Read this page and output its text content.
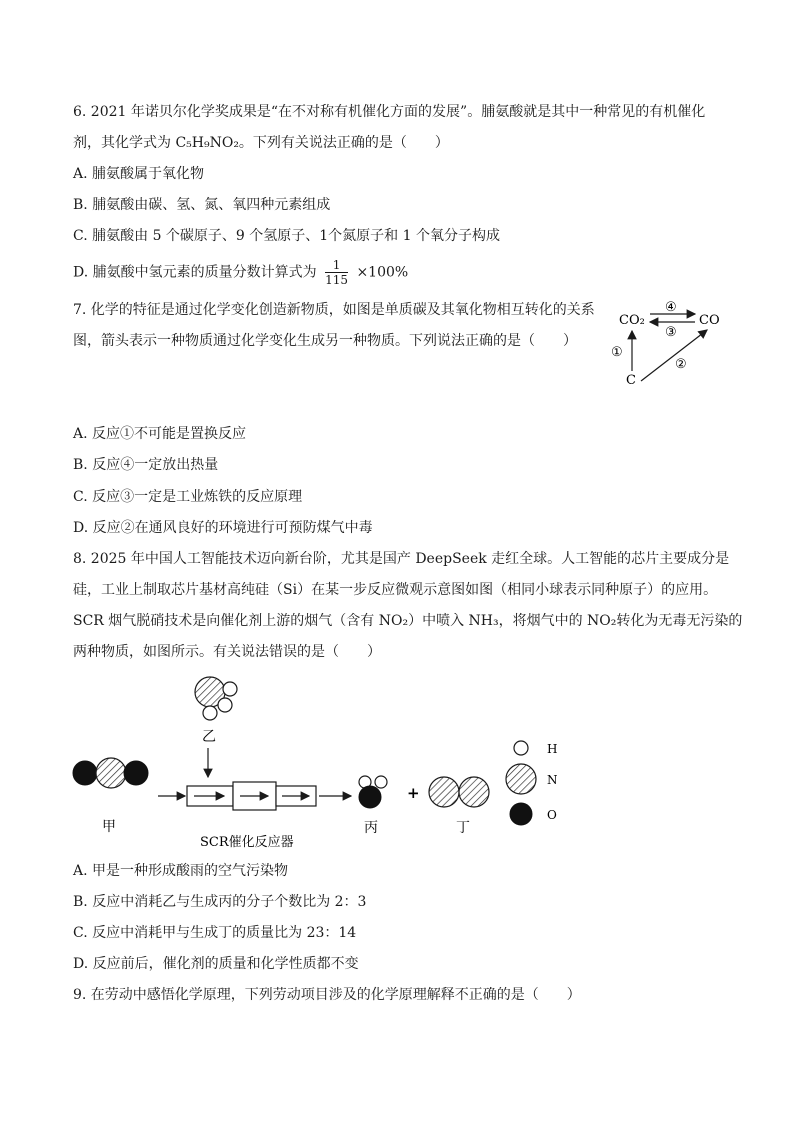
6. 2021 年诺贝尔化学奖成果是“在不对称有机催化方面的发展”。脯氨酸就是其中一种常见的有机催化
剂，其化学式为 C₅H₉NO₂。下列有关说法正确的是（　　）
A. 脯氨酸属于氧化物
B. 脯氨酸由碳、氢、氮、氧四种元素组成
C. 脯氨酸由 5 个碳原子、9 个氢原子、1个氮原子和 1 个氧分子构成
D. 脯氨酸中氢元素的质量分数计算式为 $\frac{1}{115} \times 100\%$
7. 化学的特征是通过化学变化创造新物质，如图是单质碳及其氧化物相互转化的关系
图，箭头表示一种物质通过化学变化生成另一种物质。下列说法正确的是（　　）
CO₂	CO
C
④
③
①
②
A. 反应①不可能是置换反应
B. 反应④一定放出热量
C. 反应③一定是工业炼铁的反应原理
D. 反应②在通风良好的环境进行可预防煤气中毒
8. 2025 年中国人工智能技术迈向新台阶，尤其是国产 DeepSeek 走红全球。人工智能的芯片主要成分是
硅，工业上制取芯片基材高纯硅（Si）在某一步反应微观示意图如图（相同小球表示同种原子）的应用。
SCR 烟气脱硝技术是向催化剂上游的烟气（含有 NO₂）中喷入 NH₃，将烟气中的 NO₂转化为无毒无污染的
两种物质，如图所示。有关说法错误的是（　　）
乙
甲
SCR催化反应器
丙
+
丁
H
N
O
A. 甲是一种形成酸雨的空气污染物
B. 反应中消耗乙与生成丙的分子个数比为 2：3
C. 反应中消耗甲与生成丁的质量比为 23：14
D. 反应前后，催化剂的质量和化学性质都不变
9. 在劳动中感悟化学原理，下列劳动项目涉及的化学原理解释不正确的是（　　）
